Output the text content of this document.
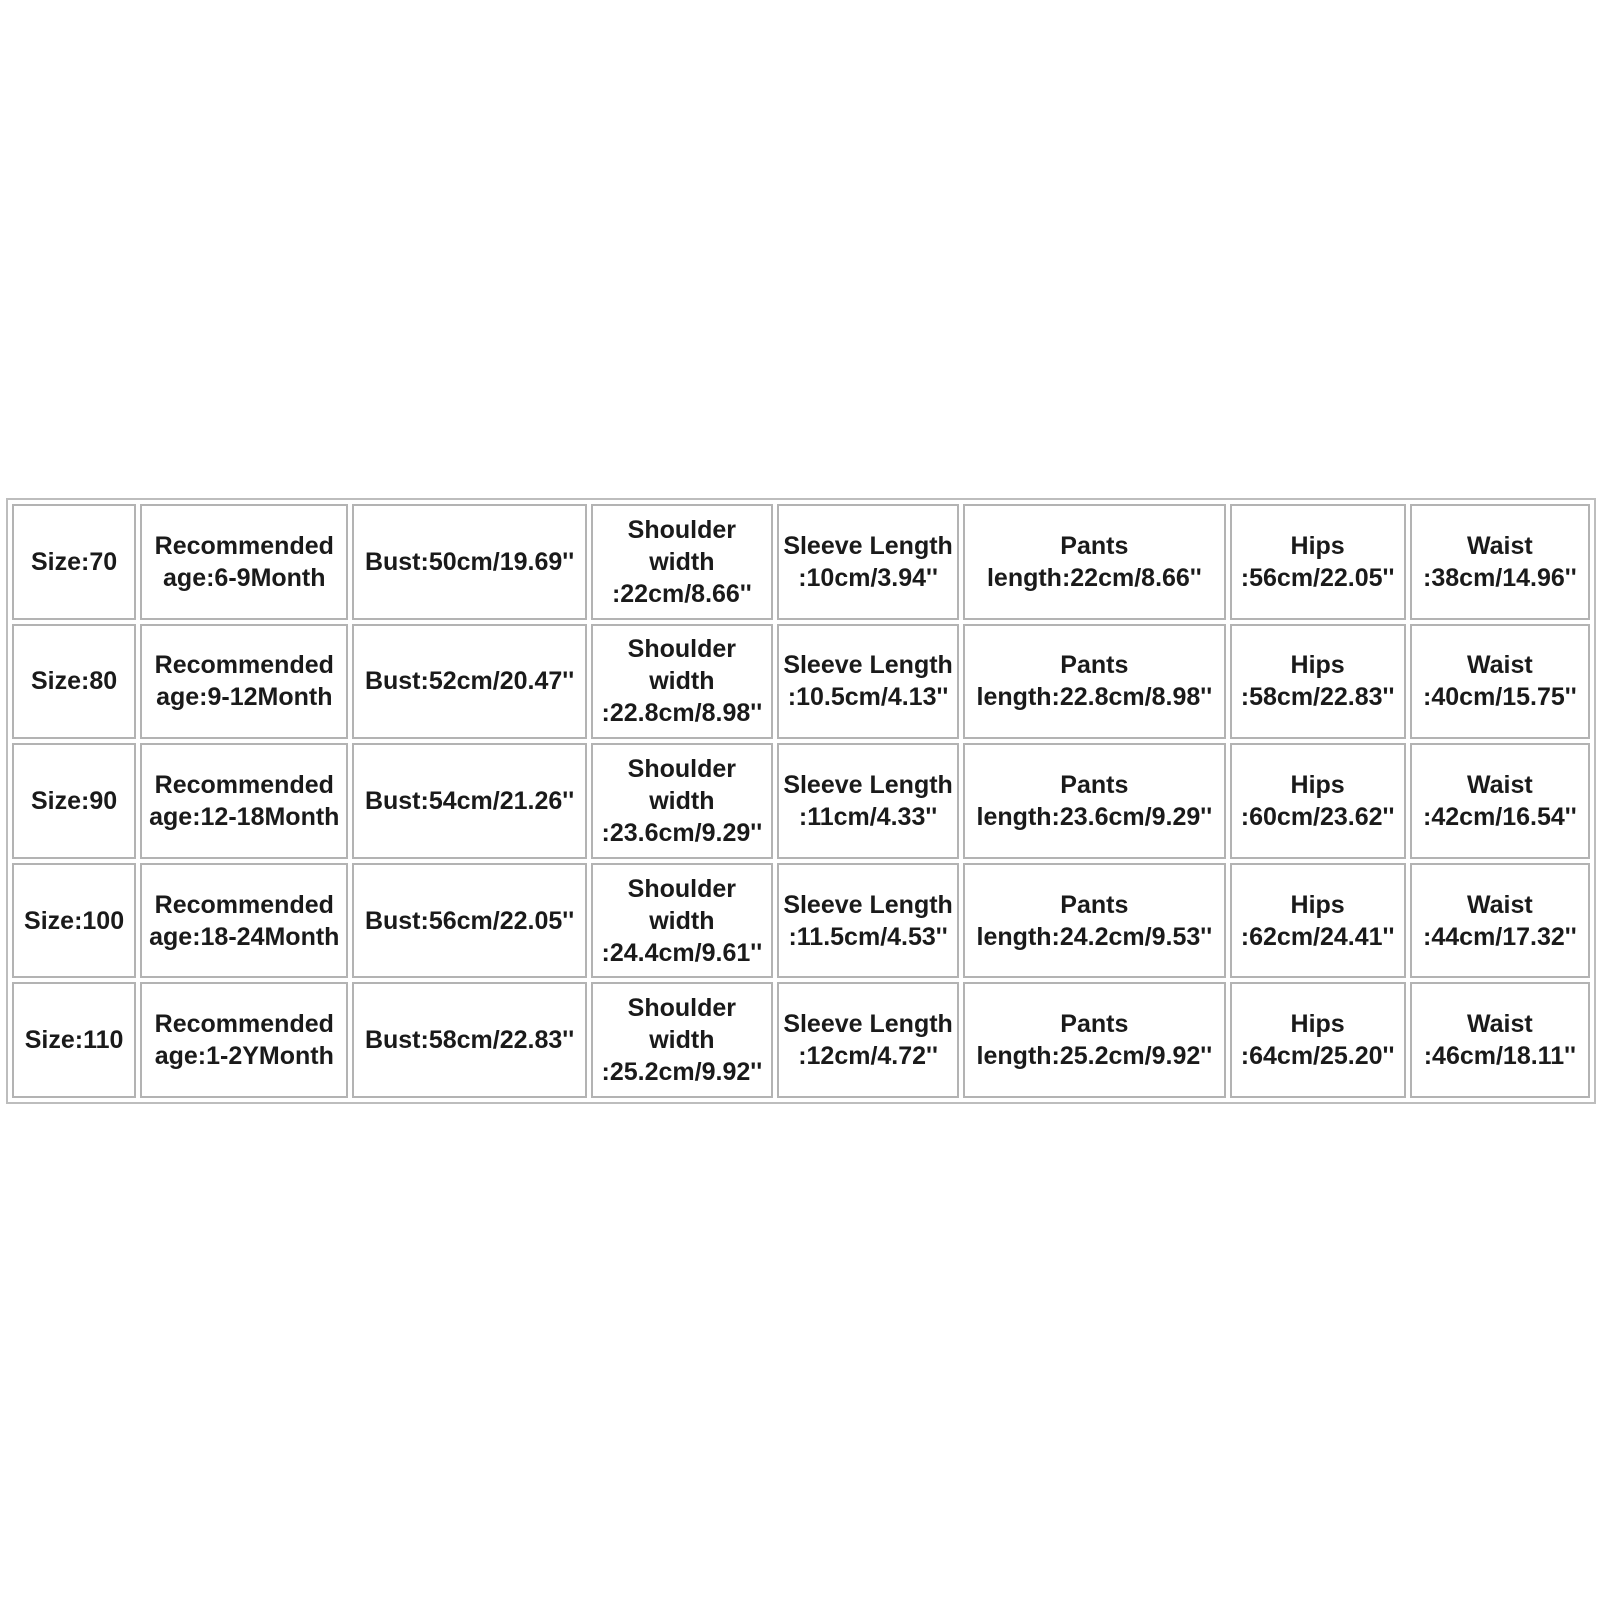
Size:70	Recommended age:6-9Month	Bust:50cm/19.69''	Shoulder width :22cm/8.66''	Sleeve Length :10cm/3.94''	Pants length:22cm/8.66''	Hips :56cm/22.05''	Waist :38cm/14.96''
Size:80	Recommended age:9-12Month	Bust:52cm/20.47''	Shoulder width :22.8cm/8.98''	Sleeve Length :10.5cm/4.13''	Pants length:22.8cm/8.98''	Hips :58cm/22.83''	Waist :40cm/15.75''
Size:90	Recommended age:12-18Month	Bust:54cm/21.26''	Shoulder width :23.6cm/9.29''	Sleeve Length :11cm/4.33''	Pants length:23.6cm/9.29''	Hips :60cm/23.62''	Waist :42cm/16.54''
Size:100	Recommended age:18-24Month	Bust:56cm/22.05''	Shoulder width :24.4cm/9.61''	Sleeve Length :11.5cm/4.53''	Pants length:24.2cm/9.53''	Hips :62cm/24.41''	Waist :44cm/17.32''
Size:110	Recommended age:1-2YMonth	Bust:58cm/22.83''	Shoulder width :25.2cm/9.92''	Sleeve Length :12cm/4.72''	Pants length:25.2cm/9.92''	Hips :64cm/25.20''	Waist :46cm/18.11''
